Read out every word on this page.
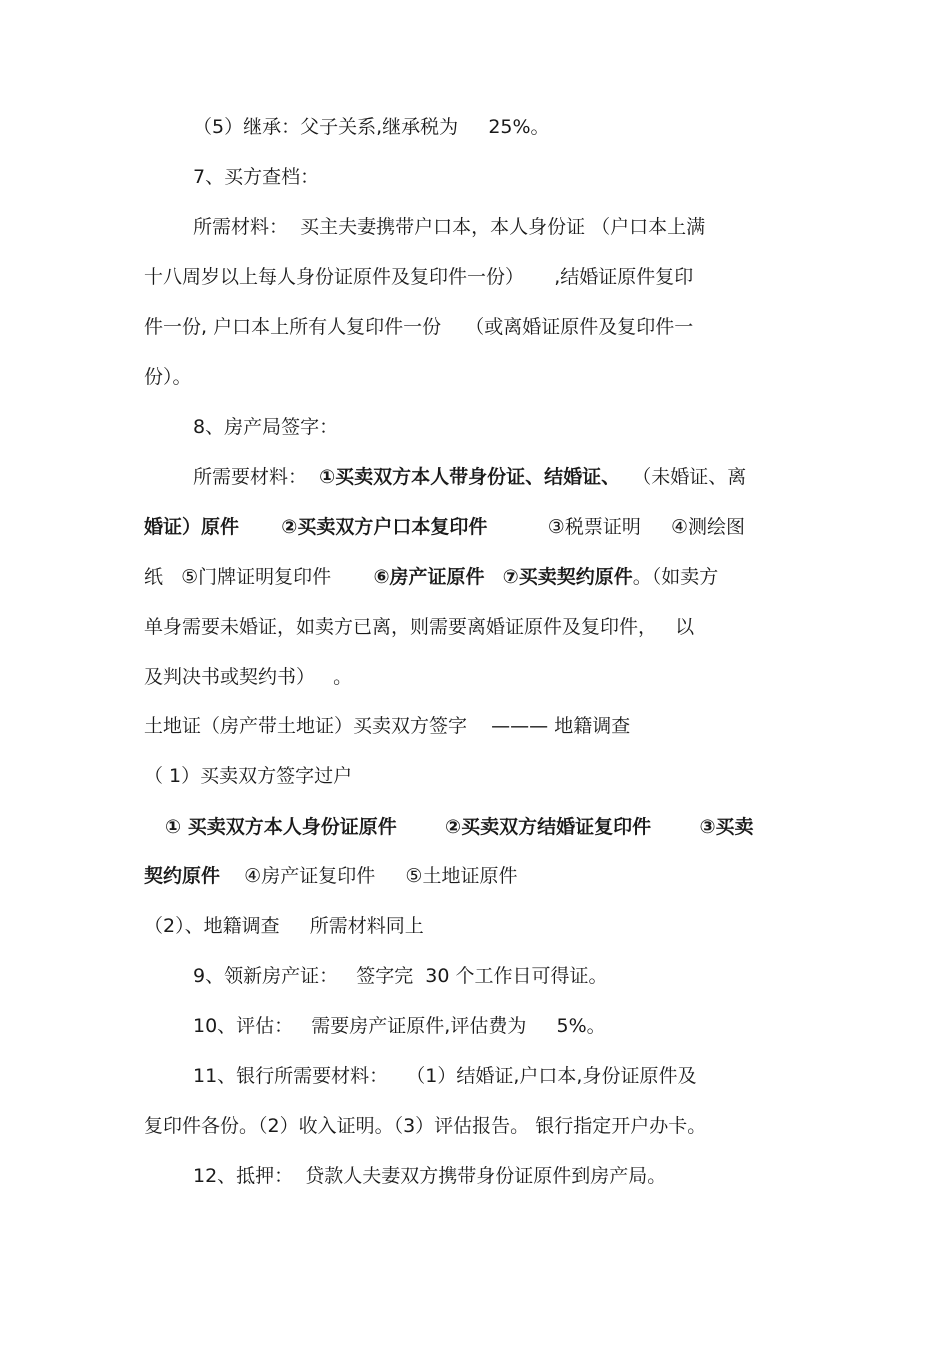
（5）继承：父子关系,继承税为     25%。
7、买方查档：
所需材料：  买主夫妻携带户口本，本人身份证 （户口本上满
十八周岁以上每人身份证原件及复印件一份）     ,结婚证原件复印
件一份, 户口本上所有人复印件一份    （或离婚证原件及复印件一
份）。
8、房产局签字：
所需要材料：  ①买卖双方本人带身份证、结婚证、  （未婚证、离
婚证）原件 ②买卖双方户口本复印件          ③税票证明     ④测绘图
纸   ⑤门牌证明复印件       ⑥房产证原件 ⑦买卖契约原件。（如卖方
单身需要未婚证，如卖方已离，则需要离婚证原件及复印件，   以
及判决书或契约书）   。
土地证（房产带土地证）买卖双方签字    ——— 地籍调查
（ 1）买卖双方签字过户
① 买卖双方本人身份证原件	②买卖双方结婚证复印件	③买卖
契约原件    ④房产证复印件     ⑤土地证原件
（2）、地籍调查     所需材料同上
9、领新房产证：   签字完  30 个工作日可得证。
10、评估：   需要房产证原件,评估费为     5%。
11、银行所需要材料：   （1）结婚证,户口本,身份证原件及
复印件各份。（2）收入证明。（3）评估报告。 银行指定开户办卡。
12、抵押：  贷款人夫妻双方携带身份证原件到房产局。
